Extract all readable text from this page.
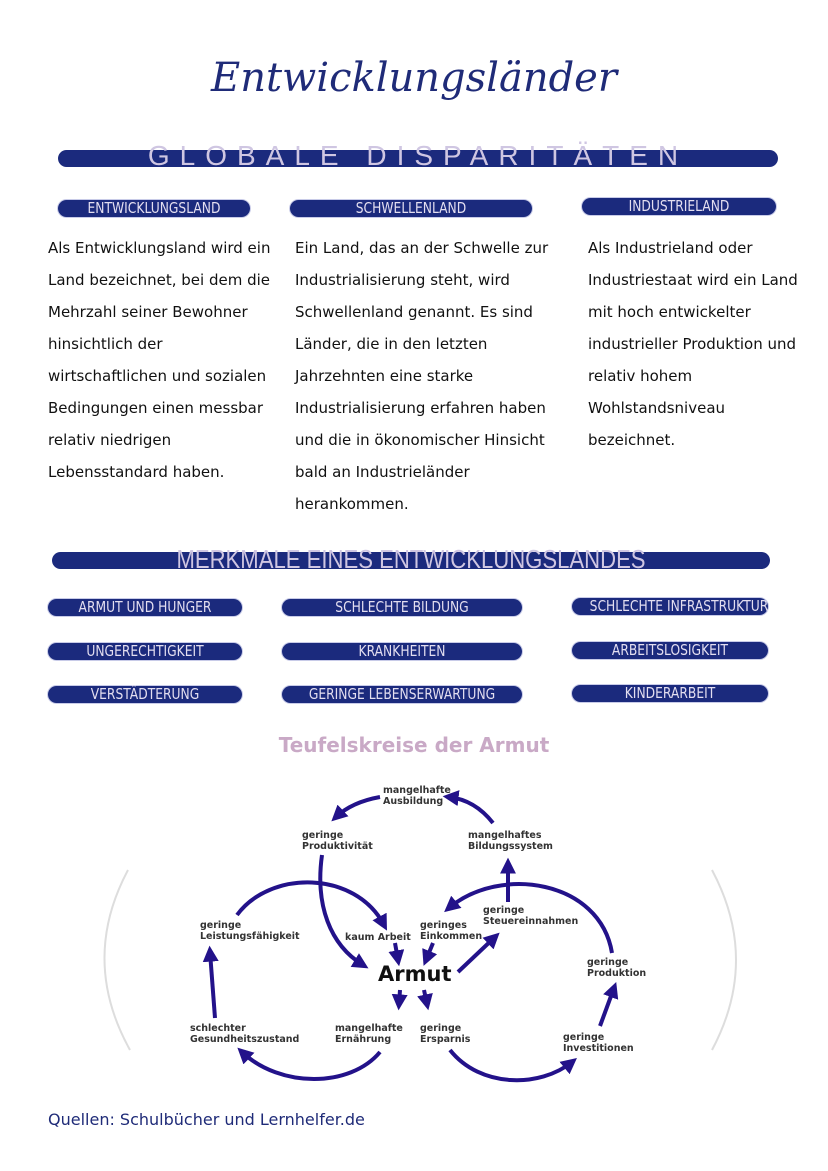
Entwicklungsländer
GLOBALE DISPARITÄTEN
ENTWICKLUNGSLAND	SCHWELLENLAND	INDUSTRIELAND
Als Entwicklungsland wird ein Land bezeichnet, bei dem die Mehrzahl seiner Bewohner hinsichtlich der wirtschaftlichen und sozialen Bedingungen einen messbar relativ niedrigen Lebensstandard haben.
Ein Land, das an der Schwelle zur Industrialisierung steht, wird Schwellenland genannt. Es sind Länder, die in den letzten Jahrzehnten eine starke Industrialisierung erfahren haben und die in ökonomischer Hinsicht bald an Industrieländer herankommen.
Als Industrieland oder Industriestaat wird ein Land mit hoch entwickelter industrieller Produktion und relativ hohem Wohlstandsniveau bezeichnet.
MERKMALE EINES ENTWICKLUNGSLANDES
ARMUT UND HUNGER	SCHLECHTE BILDUNG	SCHLECHTE INFRASTRUKTUR
UNGERECHTIGKEIT	KRANKHEITEN	ARBEITSLOSIGKEIT
VERSTÄDTERUNG	GERINGE LEBENSERWARTUNG	KINDERARBEIT
Teufelskreise der Armut
mangelhafte
Ausbildung
geringe
Produktivität
mangelhaftes
Bildungssystem
geringe
Leistungsfähigkeit	kaum Arbeit
geringes
Einkommen
geringe
Steuereinnahmen
geringe
Produktion
schlechter
Gesundheitszustand
mangelhafte
Ernährung
geringe
Ersparnis	geringe
Investitionen
Armut
Quellen: Schulbücher und Lernhelfer.de
